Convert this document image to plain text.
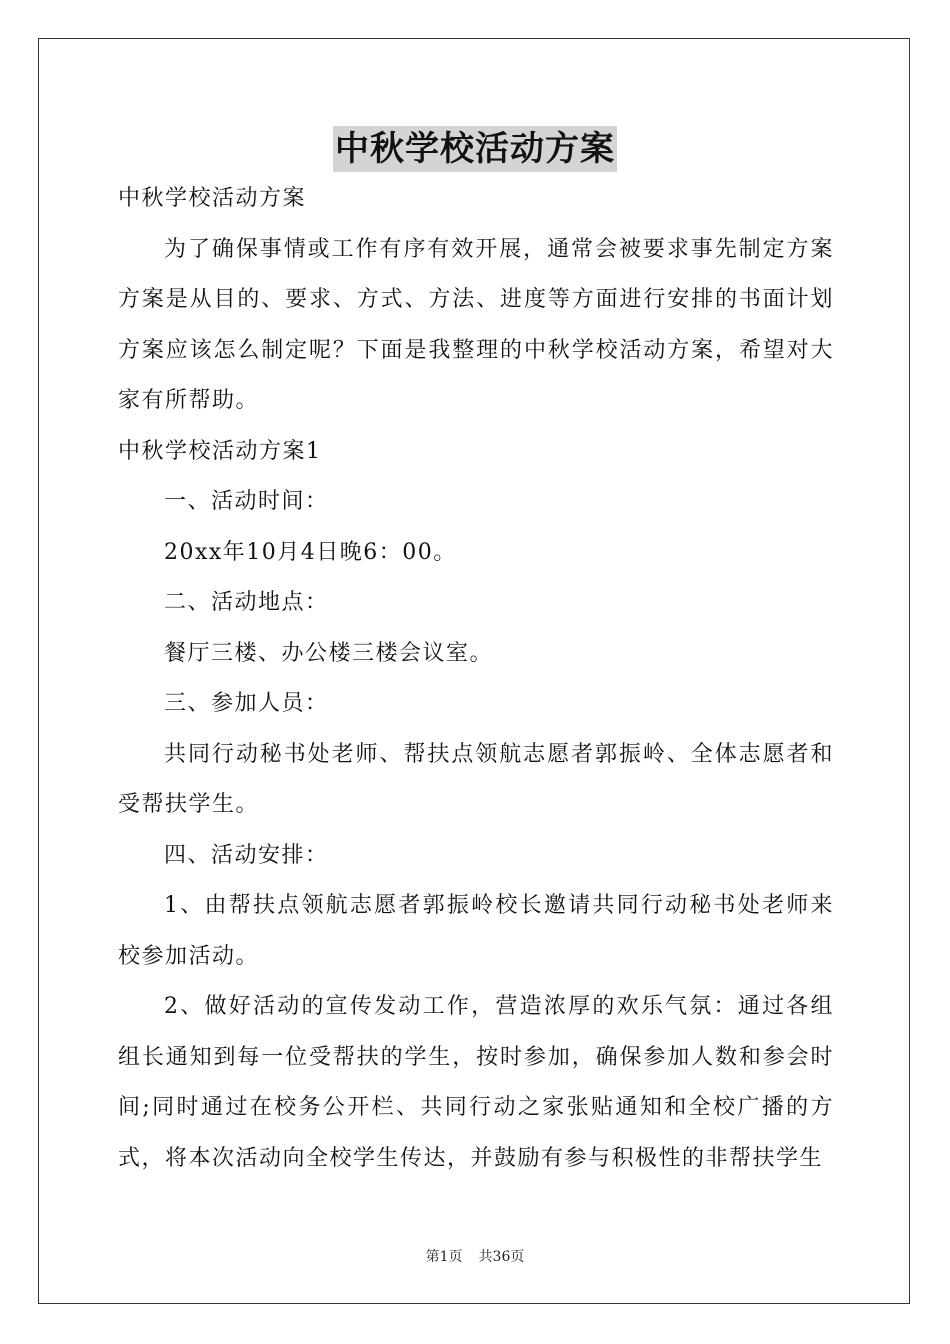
中秋学校活动方案

中秋学校活动方案

为了确保事情或工作有序有效开展，通常会被要求事先制定方案方案是从目的、要求、方式、方法、进度等方面进行安排的书面计划方案应该怎么制定呢？下面是我整理的中秋学校活动方案，希望对大家有所帮助。

中秋学校活动方案1

一、活动时间：

20xx年10月4日晚6：00。

二、活动地点：

餐厅三楼、办公楼三楼会议室。

三、参加人员：

共同行动秘书处老师、帮扶点领航志愿者郭振岭、全体志愿者和受帮扶学生。

四、活动安排：

1、由帮扶点领航志愿者郭振岭校长邀请共同行动秘书处老师来校参加活动。

2、做好活动的宣传发动工作，营造浓厚的欢乐气氛：通过各组组长通知到每一位受帮扶的学生，按时参加，确保参加人数和参会时间;同时通过在校务公开栏、共同行动之家张贴通知和全校广播的方式，将本次活动向全校学生传达，并鼓励有参与积极性的非帮扶学生

第1页 共36页
